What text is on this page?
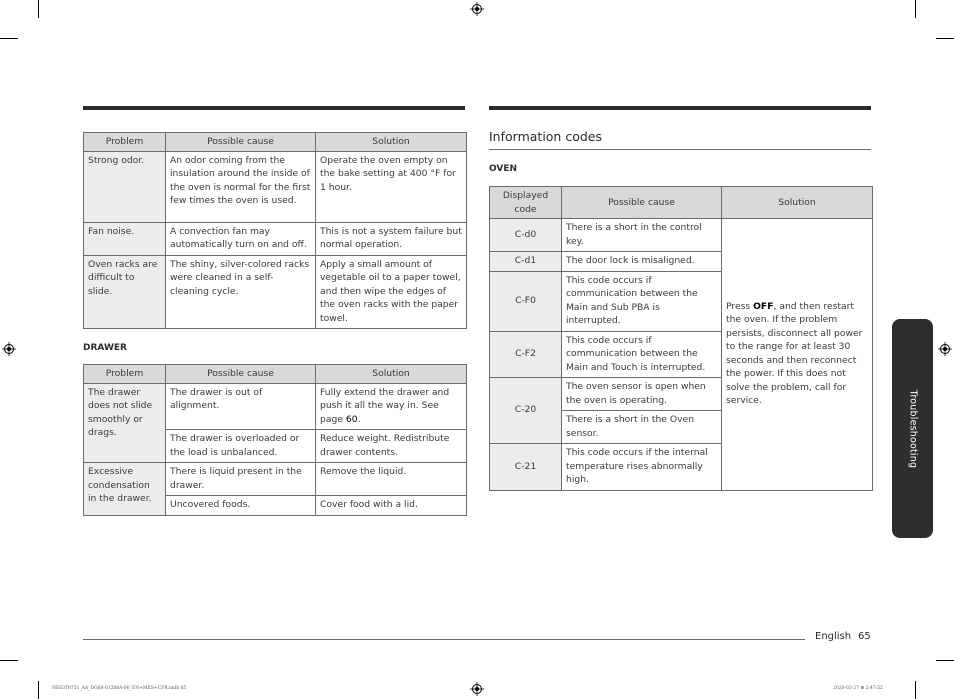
Problem	Possible cause	Solution
Strong odor.	An odor coming from the insulation around the inside of the oven is normal for the first few times the oven is used.	Operate the oven empty on the bake setting at 400 °F for 1 hour.
Fan noise.	A convection fan may automatically turn on and off.	This is not a system failure but normal operation.
Oven racks are difficult to slide.	The shiny, silver-colored racks were cleaned in a self-cleaning cycle.	Apply a small amount of vegetable oil to a paper towel, and then wipe the edges of the oven racks with the paper towel.
DRAWER
Problem	Possible cause	Solution
The drawer does not slide smoothly or drags.	The drawer is out of alignment.	Fully extend the drawer and push it all the way in. See page 60.
	The drawer is overloaded or the load is unbalanced.	Reduce weight. Redistribute drawer contents.
Excessive condensation in the drawer.	There is liquid present in the drawer.	Remove the liquid.
	Uncovered foods.	Cover food with a lid.
Information codes
OVEN
Displayed code	Possible cause	Solution
C-d0	There is a short in the control key.	Press OFF, and then restart the oven. If the problem persists, disconnect all power to the range for at least 30 seconds and then reconnect the power. If this does not solve the problem, call for service.
C-d1	The door lock is misaligned.	
C-F0	This code occurs if communication between the Main and Sub PBA is interrupted.	
C-F2	This code occurs if communication between the Main and Touch is interrupted.	
C-20	The oven sensor is open when the oven is operating.	
	There is a short in the Oven sensor.	
C-21	This code occurs if the internal temperature rises abnormally high.	
Troubleshooting
English 65
NE63T8751_AA_DG68-01208A-00_EN+MES+CFR.indb 65	2020-03-27 ⊞ 2:47:52
